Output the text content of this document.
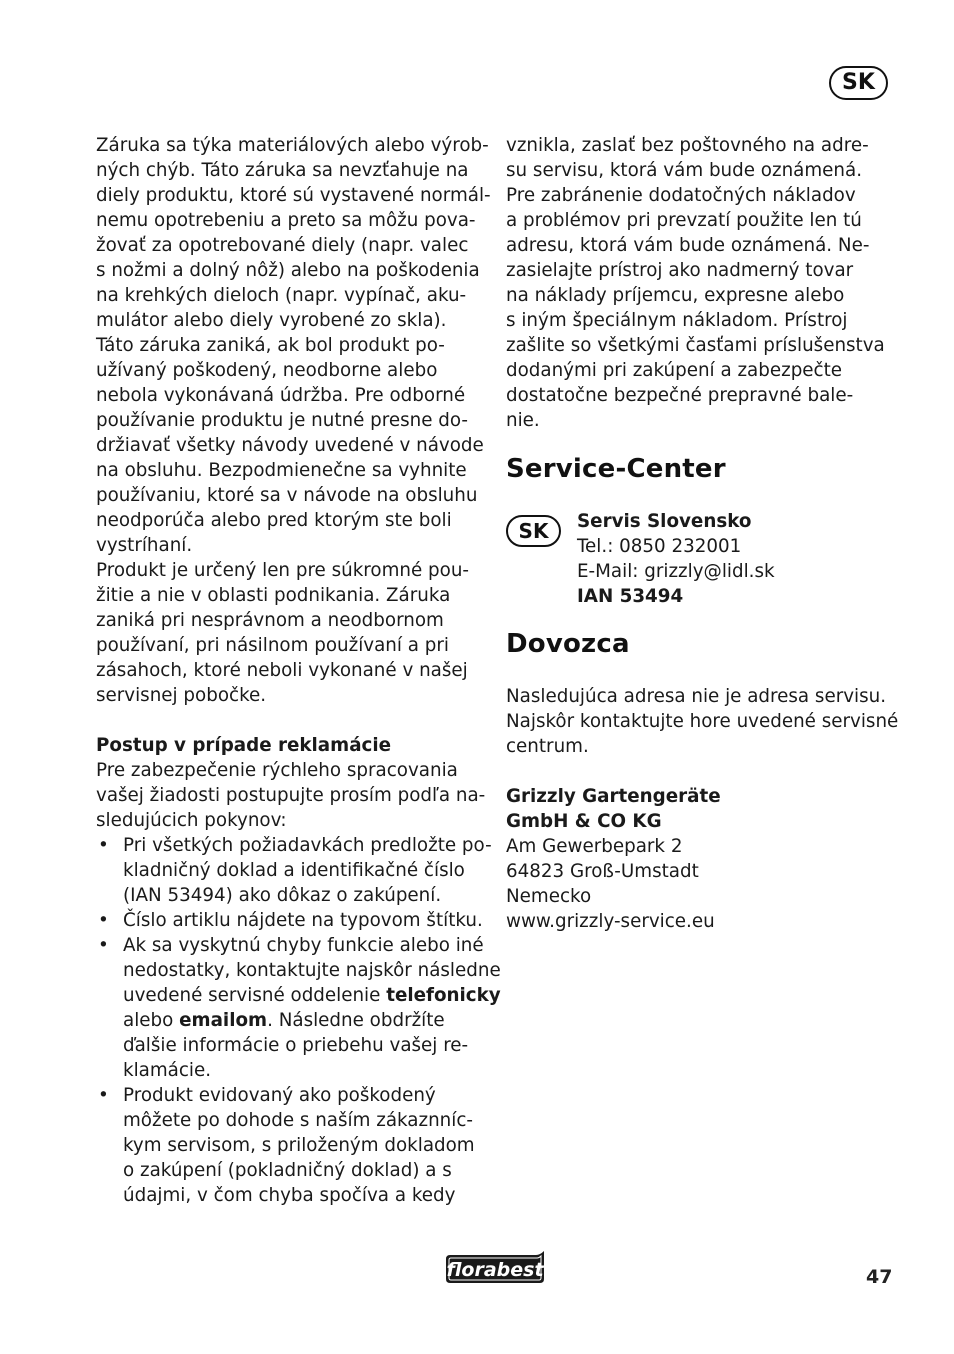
SK

Záruka sa týka materiálových alebo výrob-
ných chýb. Táto záruka sa nevzťahuje na
diely produktu, ktoré sú vystavené normál-
nemu opotrebeniu a preto sa môžu pova-
žovať za opotrebované diely (napr. valec
s nožmi a dolný nôž) alebo na poškodenia
na krehkých dieloch (napr. vypínač, aku-
mulátor alebo diely vyrobené zo skla).

Táto záruka zaniká, ak bol produkt po-
užívaný poškodený, neodborne alebo
nebola vykonávaná údržba. Pre odborné
používanie produktu je nutné presne do-
držiavať všetky návody uvedené v návode
na obsluhu. Bezpodmienečne sa vyhnite
používaniu, ktoré sa v návode na obsluhu
neodporúča alebo pred ktorým ste boli
vystríhaní.

Produkt je určený len pre súkromné pou-
žitie a nie v oblasti podnikania. Záruka
zaniká pri nesprávnom a neodbornom
používaní, pri násilnom používaní a pri
zásahoch, ktoré neboli vykonané v našej
servisnej pobočke.

Postup v prípade reklamácie

Pre zabezpečenie rýchleho spracovania
vašej žiadosti postupujte prosím podľa na-
sledujúcich pokynov:

• Pri všetkých požiadavkách predložte po-
kladničný doklad a identifikačné číslo
(IAN 53494) ako dôkaz o zakúpení.
• Číslo artiklu nájdete na typovom štítku.
• Ak sa vyskytnú chyby funkcie alebo iné
nedostatky, kontaktujte najskôr následne
uvedené servisné oddelenie telefonicky
alebo emailom. Následne obdržíte
ďalšie informácie o priebehu vašej re-
klamácie.
• Produkt evidovaný ako poškodený
môžete po dohode s naším zákaznníc-
kym servisom, s priloženým dokladom
o zakúpení (pokladničný doklad) a s
údajmi, v čom chyba spočíva a kedy

vznikla, zaslať bez poštovného na adre-
su servisu, ktorá vám bude oznámená.
Pre zabránenie dodatočných nákladov
a problémov pri prevzatí použite len tú
adresu, ktorá vám bude oznámená. Ne-
zasielajte prístroj ako nadmerný tovar
na náklady príjemcu, expresne alebo
s iným špeciálnym nákladom. Prístroj
zašlite so všetkými časťami príslušenstva
dodanými pri zakúpení a zabezpečte
dostatočne bezpečné prepravné bale-
nie.

Service-Center
SK	Servis Slovensko
Tel.: 0850 232001
E-Mail: grizzly@lidl.sk
IAN 53494
Dovozca
Nasledujúca adresa nie je adresa servisu.
Najskôr kontaktujte hore uvedené servisné
centrum.
Grizzly Gartengeräte
GmbH & CO KG
Am Gewerbepark 2
64823 Groß-Umstadt
Nemecko
www.grizzly-service.eu
florabest	47
